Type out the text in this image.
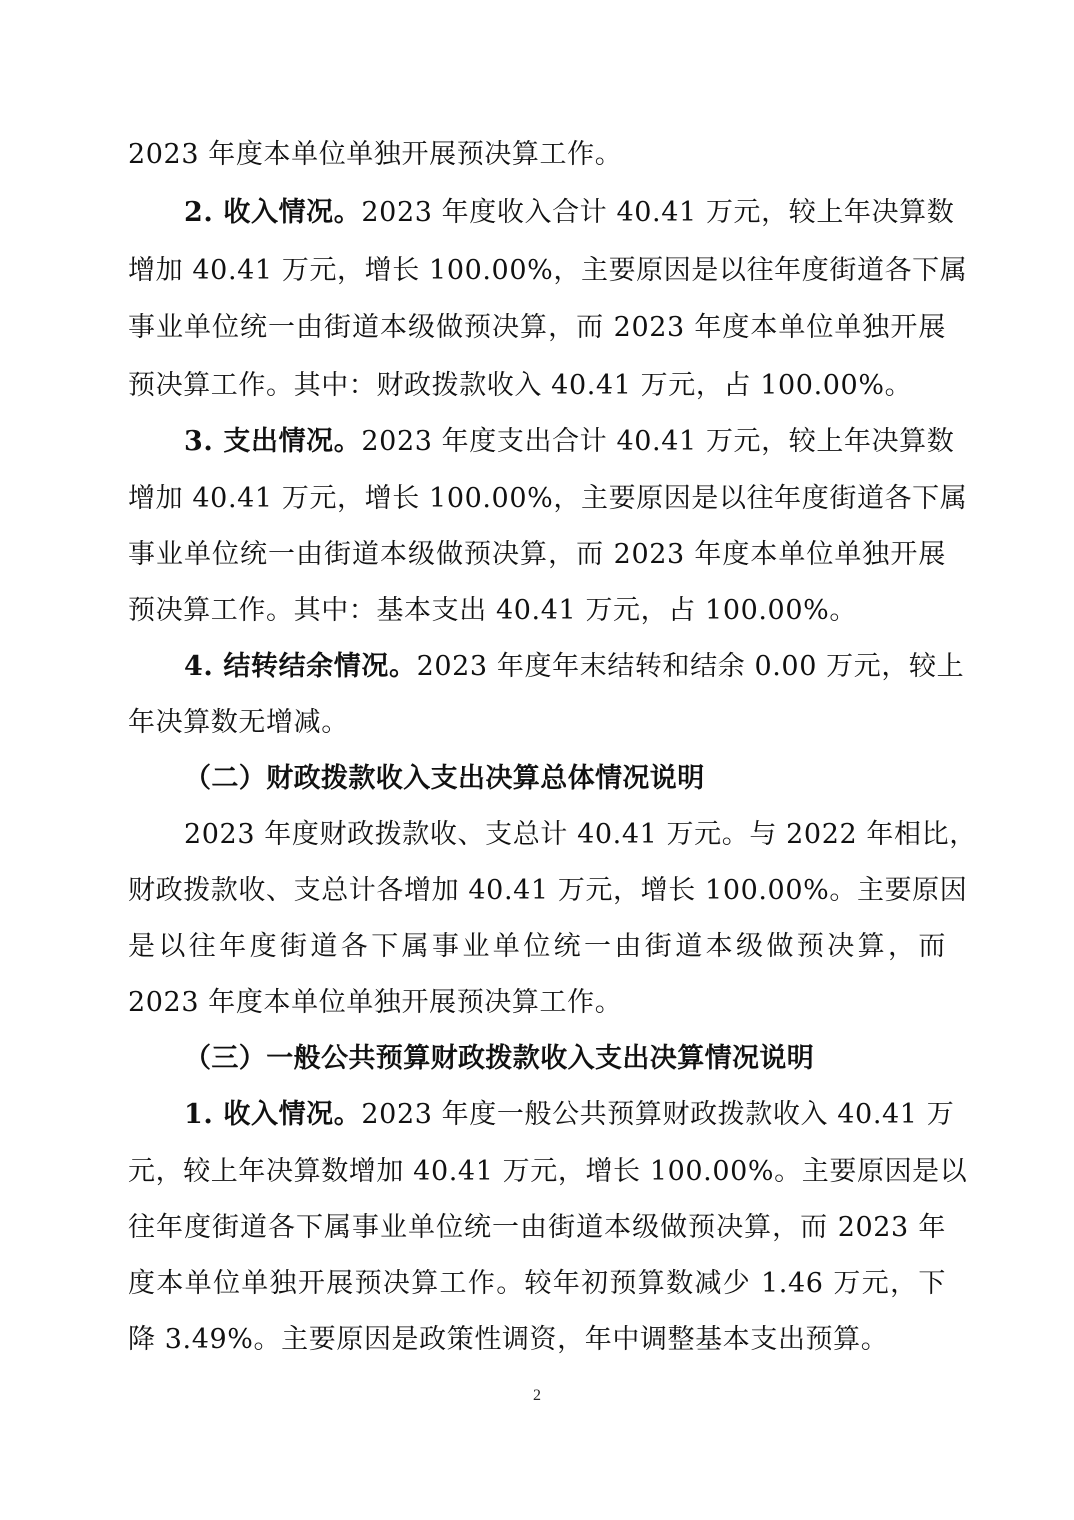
2023 年度本单位单独开展预决算工作。
2. 收入情况。2023 年度收入合计 40.41 万元，较上年决算数
增加 40.41 万元，增长 100.00%，主要原因是以往年度街道各下属
事业单位统一由街道本级做预决算，而 2023 年度本单位单独开展
预决算工作。其中：财政拨款收入 40.41 万元，占 100.00%。
3. 支出情况。2023 年度支出合计 40.41 万元，较上年决算数
增加 40.41 万元，增长 100.00%，主要原因是以往年度街道各下属
事业单位统一由街道本级做预决算，而 2023 年度本单位单独开展
预决算工作。其中：基本支出 40.41 万元，占 100.00%。
4. 结转结余情况。2023 年度年末结转和结余 0.00 万元，较上
年决算数无增减。
（二）财政拨款收入支出决算总体情况说明
2023 年度财政拨款收、支总计 40.41 万元。与 2022 年相比，
财政拨款收、支总计各增加 40.41 万元，增长 100.00%。主要原因
是以往年度街道各下属事业单位统一由街道本级做预决算，而
2023 年度本单位单独开展预决算工作。
（三）一般公共预算财政拨款收入支出决算情况说明
1. 收入情况。2023 年度一般公共预算财政拨款收入 40.41 万
元，较上年决算数增加 40.41 万元，增长 100.00%。主要原因是以
往年度街道各下属事业单位统一由街道本级做预决算，而 2023 年
度本单位单独开展预决算工作。较年初预算数减少 1.46 万元，下
降 3.49%。主要原因是政策性调资，年中调整基本支出预算。
2
